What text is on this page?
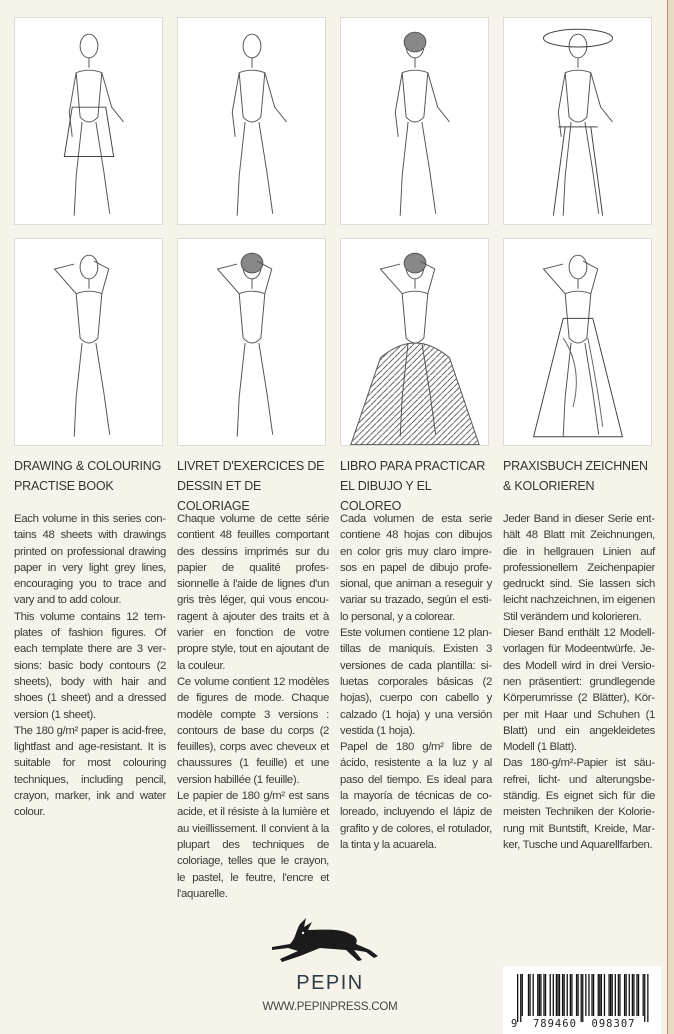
DRAWING & COLOURING PRACTISE BOOK

Each volume in this series contains 48 sheets with drawings printed on professional drawing paper in very light grey lines, encouraging you to trace and vary and to add colour.

This volume contains 12 templates of fashion figures. Of each template there are 3 versions: basic body contours (2 sheets), body with hair and shoes (1 sheet) and a dressed version (1 sheet).

The 180 g/m² paper is acid-free, lightfast and age-resistant. It is suitable for most colouring techniques, including pencil, crayon, marker, ink and water colour.

LIVRET D'EXERCICES DE DESSIN ET DE COLORIAGE

Chaque volume de cette série contient 48 feuilles comportant des dessins imprimés sur du papier de qualité professionnelle à l'aide de lignes d'un gris très léger, qui vous encouragent à ajouter des traits et à varier en fonction de votre propre style, tout en ajoutant de la couleur.

Ce volume contient 12 modèles de figures de mode. Chaque modèle compte 3 versions : contours de base du corps (2 feuilles), corps avec cheveux et chaussures (1 feuille) et une version habillée (1 feuille).

Le papier de 180 g/m² est sans acide, et il résiste à la lumière et au vieillissement. Il convient à la plupart des techniques de coloriage, telles que le crayon, le pastel, le feutre, l'encre et l'aquarelle.

LIBRO PARA PRACTICAR EL DIBUJO Y EL COLOREO

Cada volumen de esta serie contiene 48 hojas con dibujos en color gris muy claro impresos en papel de dibujo profesional, que animan a reseguir y variar su trazado, según el estilo personal, y a colorear.

Este volumen contiene 12 plantillas de maniquís. Existen 3 versiones de cada plantilla: siluetas corporales básicas (2 hojas), cuerpo con cabello y calzado (1 hoja) y una versión vestida (1 hoja).

Papel de 180 g/m² libre de ácido, resistente a la luz y al paso del tiempo. Es ideal para la mayoría de técnicas de coloreado, incluyendo el lápiz de grafito y de colores, el rotulador, la tinta y la acuarela.

PRAXISBUCH ZEICHNEN & KOLORIEREN

Jeder Band in dieser Serie enthält 48 Blatt mit Zeichnungen, die in hellgrauen Linien auf professionellem Zeichenpapier gedruckt sind. Sie lassen sich leicht nachzeichnen, im eigenen Stil verändern und kolorieren.

Dieser Band enthält 12 Modellvorlagen für Modeentwürfe. Jedes Modell wird in drei Versionen präsentiert: grundlegende Körperumrisse (2 Blätter), Körper mit Haar und Schuhen (1 Blatt) und ein angekleidetes Modell (1 Blatt).

Das 180-g/m²-Papier ist säurefrei, licht- und alterungsbeständig. Es eignet sich für die meisten Techniken der Kolorierung mit Buntstift, Kreide, Marker, Tusche und Aquarellfarben.

PEPIN
WWW.PEPINPRESS.COM
9  789460  098307
